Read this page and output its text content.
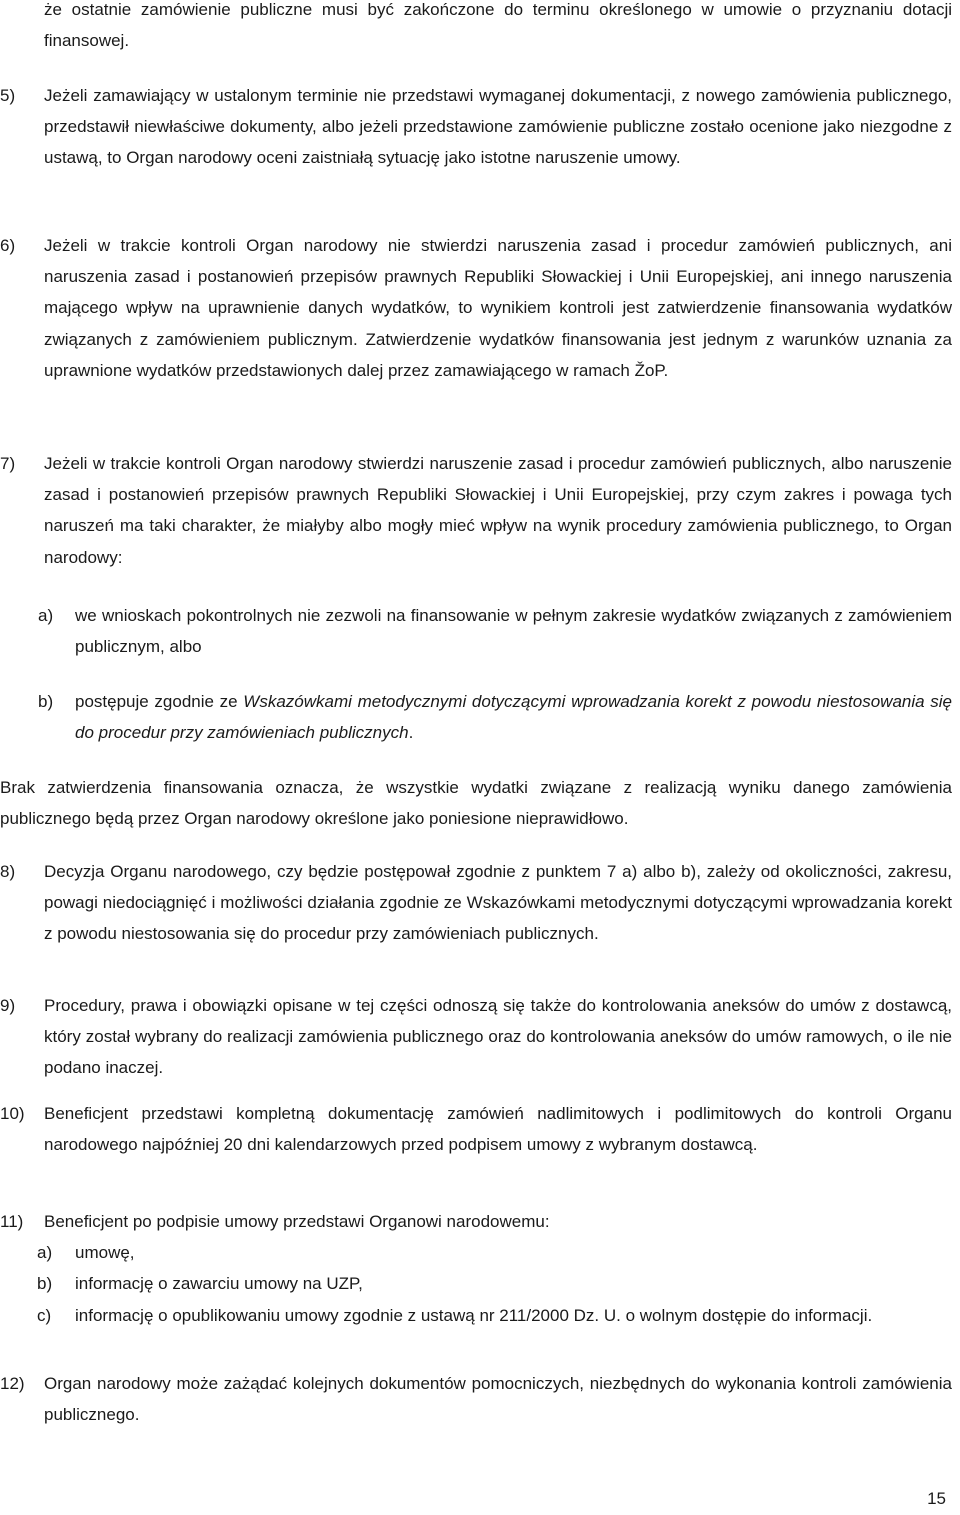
że ostatnie zamówienie publiczne musi być zakończone do terminu określonego w umowie o przyznaniu dotacji finansowej.
5) Jeżeli zamawiający w ustalonym terminie nie przedstawi wymaganej dokumentacji, z nowego zamówienia publicznego, przedstawił niewłaściwe dokumenty, albo jeżeli przedstawione zamówienie publiczne zostało ocenione jako niezgodne z ustawą, to Organ narodowy oceni zaistniałą sytuację jako istotne naruszenie umowy.

6) Jeżeli w trakcie kontroli Organ narodowy nie stwierdzi naruszenia zasad i procedur zamówień publicznych, ani naruszenia zasad i postanowień przepisów prawnych Republiki Słowackiej i Unii Europejskiej, ani innego naruszenia mającego wpływ na uprawnienie danych wydatków, to wynikiem kontroli jest zatwierdzenie finansowania wydatków związanych z zamówieniem publicznym. Zatwierdzenie wydatków finansowania jest jednym z warunków uznania za uprawnione wydatków przedstawionych dalej przez zamawiającego w ramach ŽoP.

7) Jeżeli w trakcie kontroli Organ narodowy stwierdzi naruszenie zasad i procedur zamówień publicznych, albo naruszenie zasad i postanowień przepisów prawnych Republiki Słowackiej i Unii Europejskiej, przy czym zakres i powaga tych naruszeń ma taki charakter, że miałyby albo mogły mieć wpływ na wynik procedury zamówienia publicznego, to Organ narodowy:

a) we wnioskach pokontrolnych nie zezwoli na finansowanie w pełnym zakresie wydatków związanych z zamówieniem publicznym, albo
b) postępuje zgodnie ze Wskazówkami metodycznymi dotyczącymi wprowadzania korekt z powodu niestosowania się do procedur przy zamówieniach publicznych.
Brak zatwierdzenia finansowania oznacza, że wszystkie wydatki związane z realizacją wyniku danego zamówienia publicznego będą przez Organ narodowy określone jako poniesione nieprawidłowo.
8) Decyzja Organu narodowego, czy będzie postępował zgodnie z punktem 7 a) albo b), zależy od okoliczności, zakresu, powagi niedociągnięć i możliwości działania zgodnie ze Wskazówkami metodycznymi dotyczącymi wprowadzania korekt z powodu niestosowania się do procedur przy zamówieniach publicznych.

9) Procedury, prawa i obowiązki opisane w tej części odnoszą się także do kontrolowania aneksów do umów z dostawcą, który został wybrany do realizacji zamówienia publicznego oraz do kontrolowania aneksów do umów ramowych, o ile nie podano inaczej.

10) Beneficjent przedstawi kompletną dokumentację zamówień nadlimitowych i podlimitowych do kontroli Organu narodowego najpóźniej 20 dni kalendarzowych przed podpisem umowy z wybranym dostawcą.

11) Beneficjent po podpisie umowy przedstawi Organowi narodowemu:

a) umowę,
b) informację o zawarciu umowy na UZP,
c) informację o opublikowaniu umowy zgodnie z ustawą nr 211/2000 Dz. U. o wolnym dostępie do informacji.
12) Organ narodowy może zażądać kolejnych dokumentów pomocniczych, niezbędnych do wykonania kontroli zamówienia publicznego.

15
